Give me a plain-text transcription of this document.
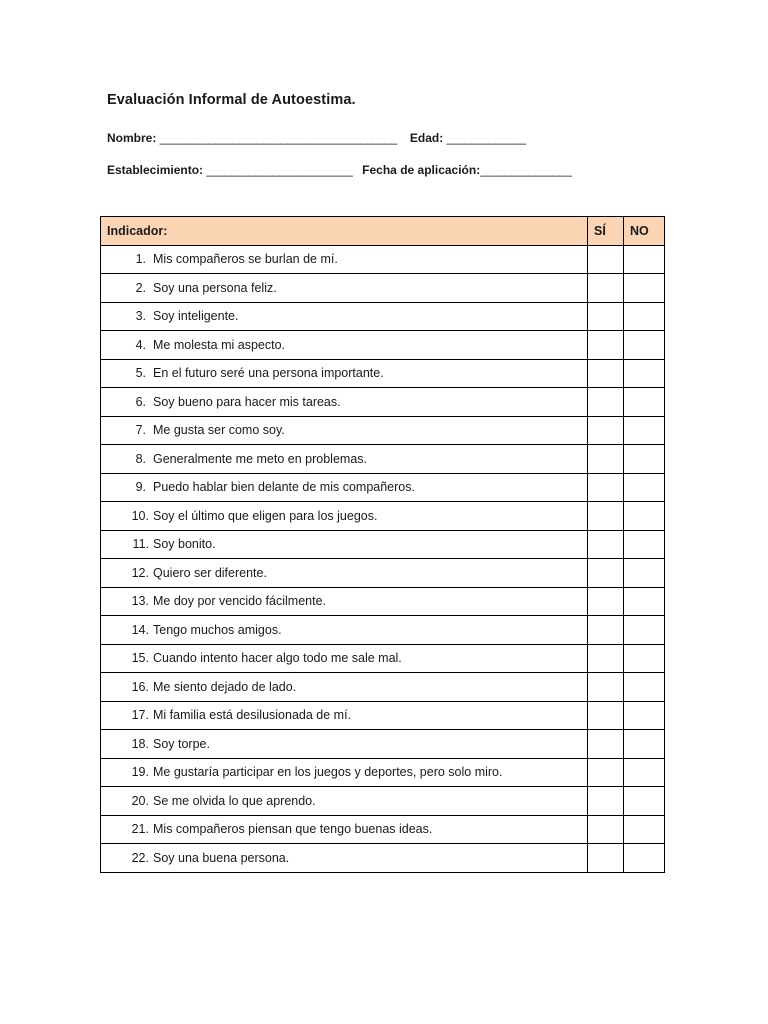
Evaluación Informal de Autoestima.
Nombre: _______________________________________ Edad: _____________
Establecimiento: ________________________ Fecha de aplicación:_______________
Indicador:	SÍ	NO
1. Mis compañeros se burlan de mí.		
2. Soy una persona feliz.		
3. Soy inteligente.		
4. Me molesta mi aspecto.		
5. En el futuro seré una persona importante.		
6. Soy bueno para hacer mis tareas.		
7. Me gusta ser como soy.		
8. Generalmente me meto en problemas.		
9. Puedo hablar bien delante de mis compañeros.		
10. Soy el último que eligen para los juegos.		
11. Soy bonito.		
12. Quiero ser diferente.		
13. Me doy por vencido fácilmente.		
14. Tengo muchos amigos.		
15. Cuando intento hacer algo todo me sale mal.		
16. Me siento dejado de lado.		
17. Mi familia está desilusionada de mí.		
18. Soy torpe.		
19. Me gustaría participar en los juegos y deportes, pero solo miro.		
20. Se me olvida lo que aprendo.		
21. Mis compañeros piensan que tengo buenas ideas.		
22. Soy una buena persona.		
